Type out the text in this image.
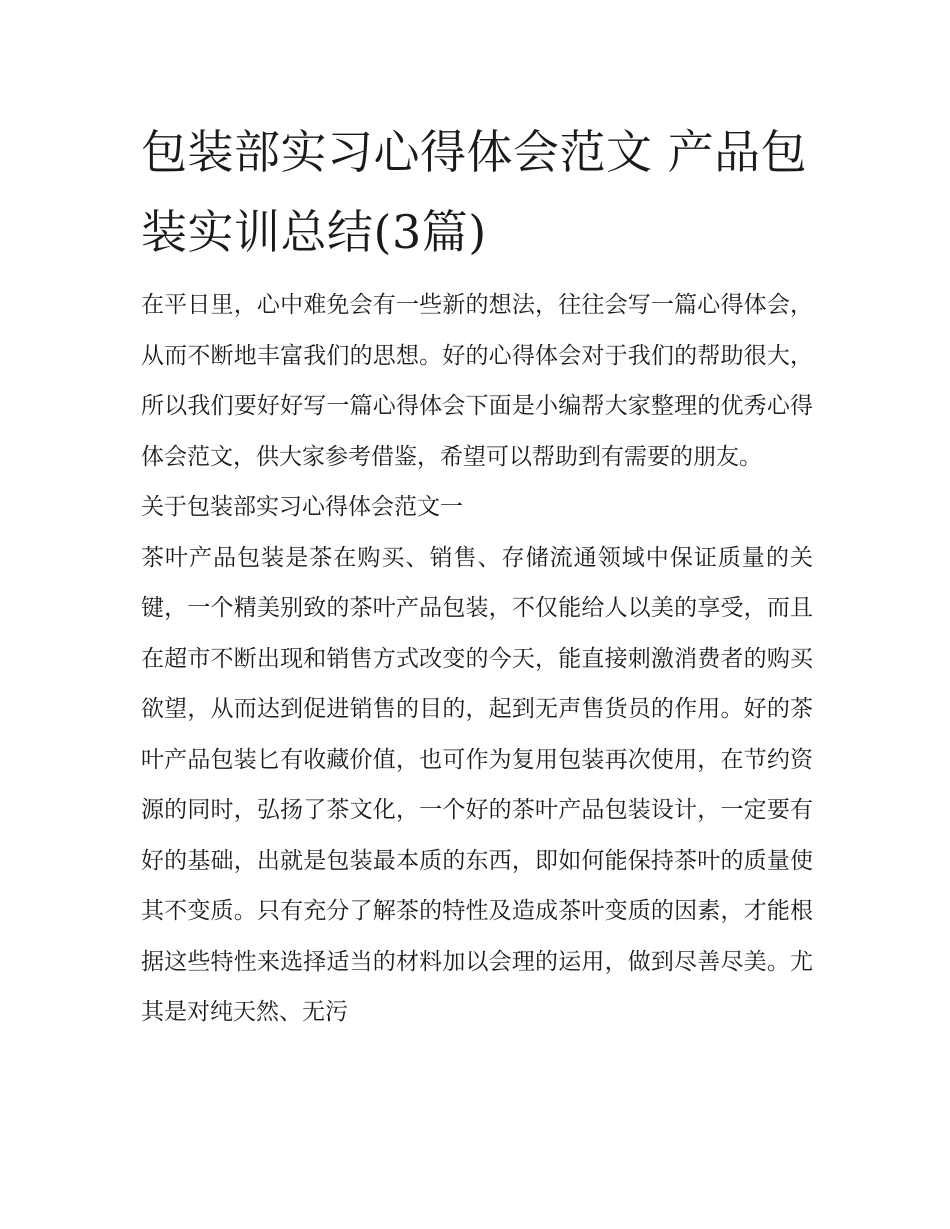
包装部实习心得体会范文 产品包装实训总结(3篇)

在平日里，心中难免会有一些新的想法，往往会写一篇心得体会，从而不断地丰富我们的思想。好的心得体会对于我们的帮助很大，所以我们要好好写一篇心得体会下面是小编帮大家整理的优秀心得体会范文，供大家参考借鉴，希望可以帮助到有需要的朋友。

关于包装部实习心得体会范文一

茶叶产品包装是茶在购买、销售、存储流通领域中保证质量的关键，一个精美别致的茶叶产品包装，不仅能给人以美的享受，而且在超市不断出现和销售方式改变的今天，能直接刺激消费者的购买欲望，从而达到促进销售的目的，起到无声售货员的作用。好的茶叶产品包装匕有收藏价值，也可作为复用包装再次使用，在节约资源的同时，弘扬了茶文化，一个好的茶叶产品包装设计，一定要有好的基础，出就是包装最本质的东西，即如何能保持茶叶的质量使其不变质。只有充分了解茶的特性及造成茶叶变质的因素，才能根据这些特性来选择适当的材料加以会理的运用，做到尽善尽美。尤其是对纯天然、无污
